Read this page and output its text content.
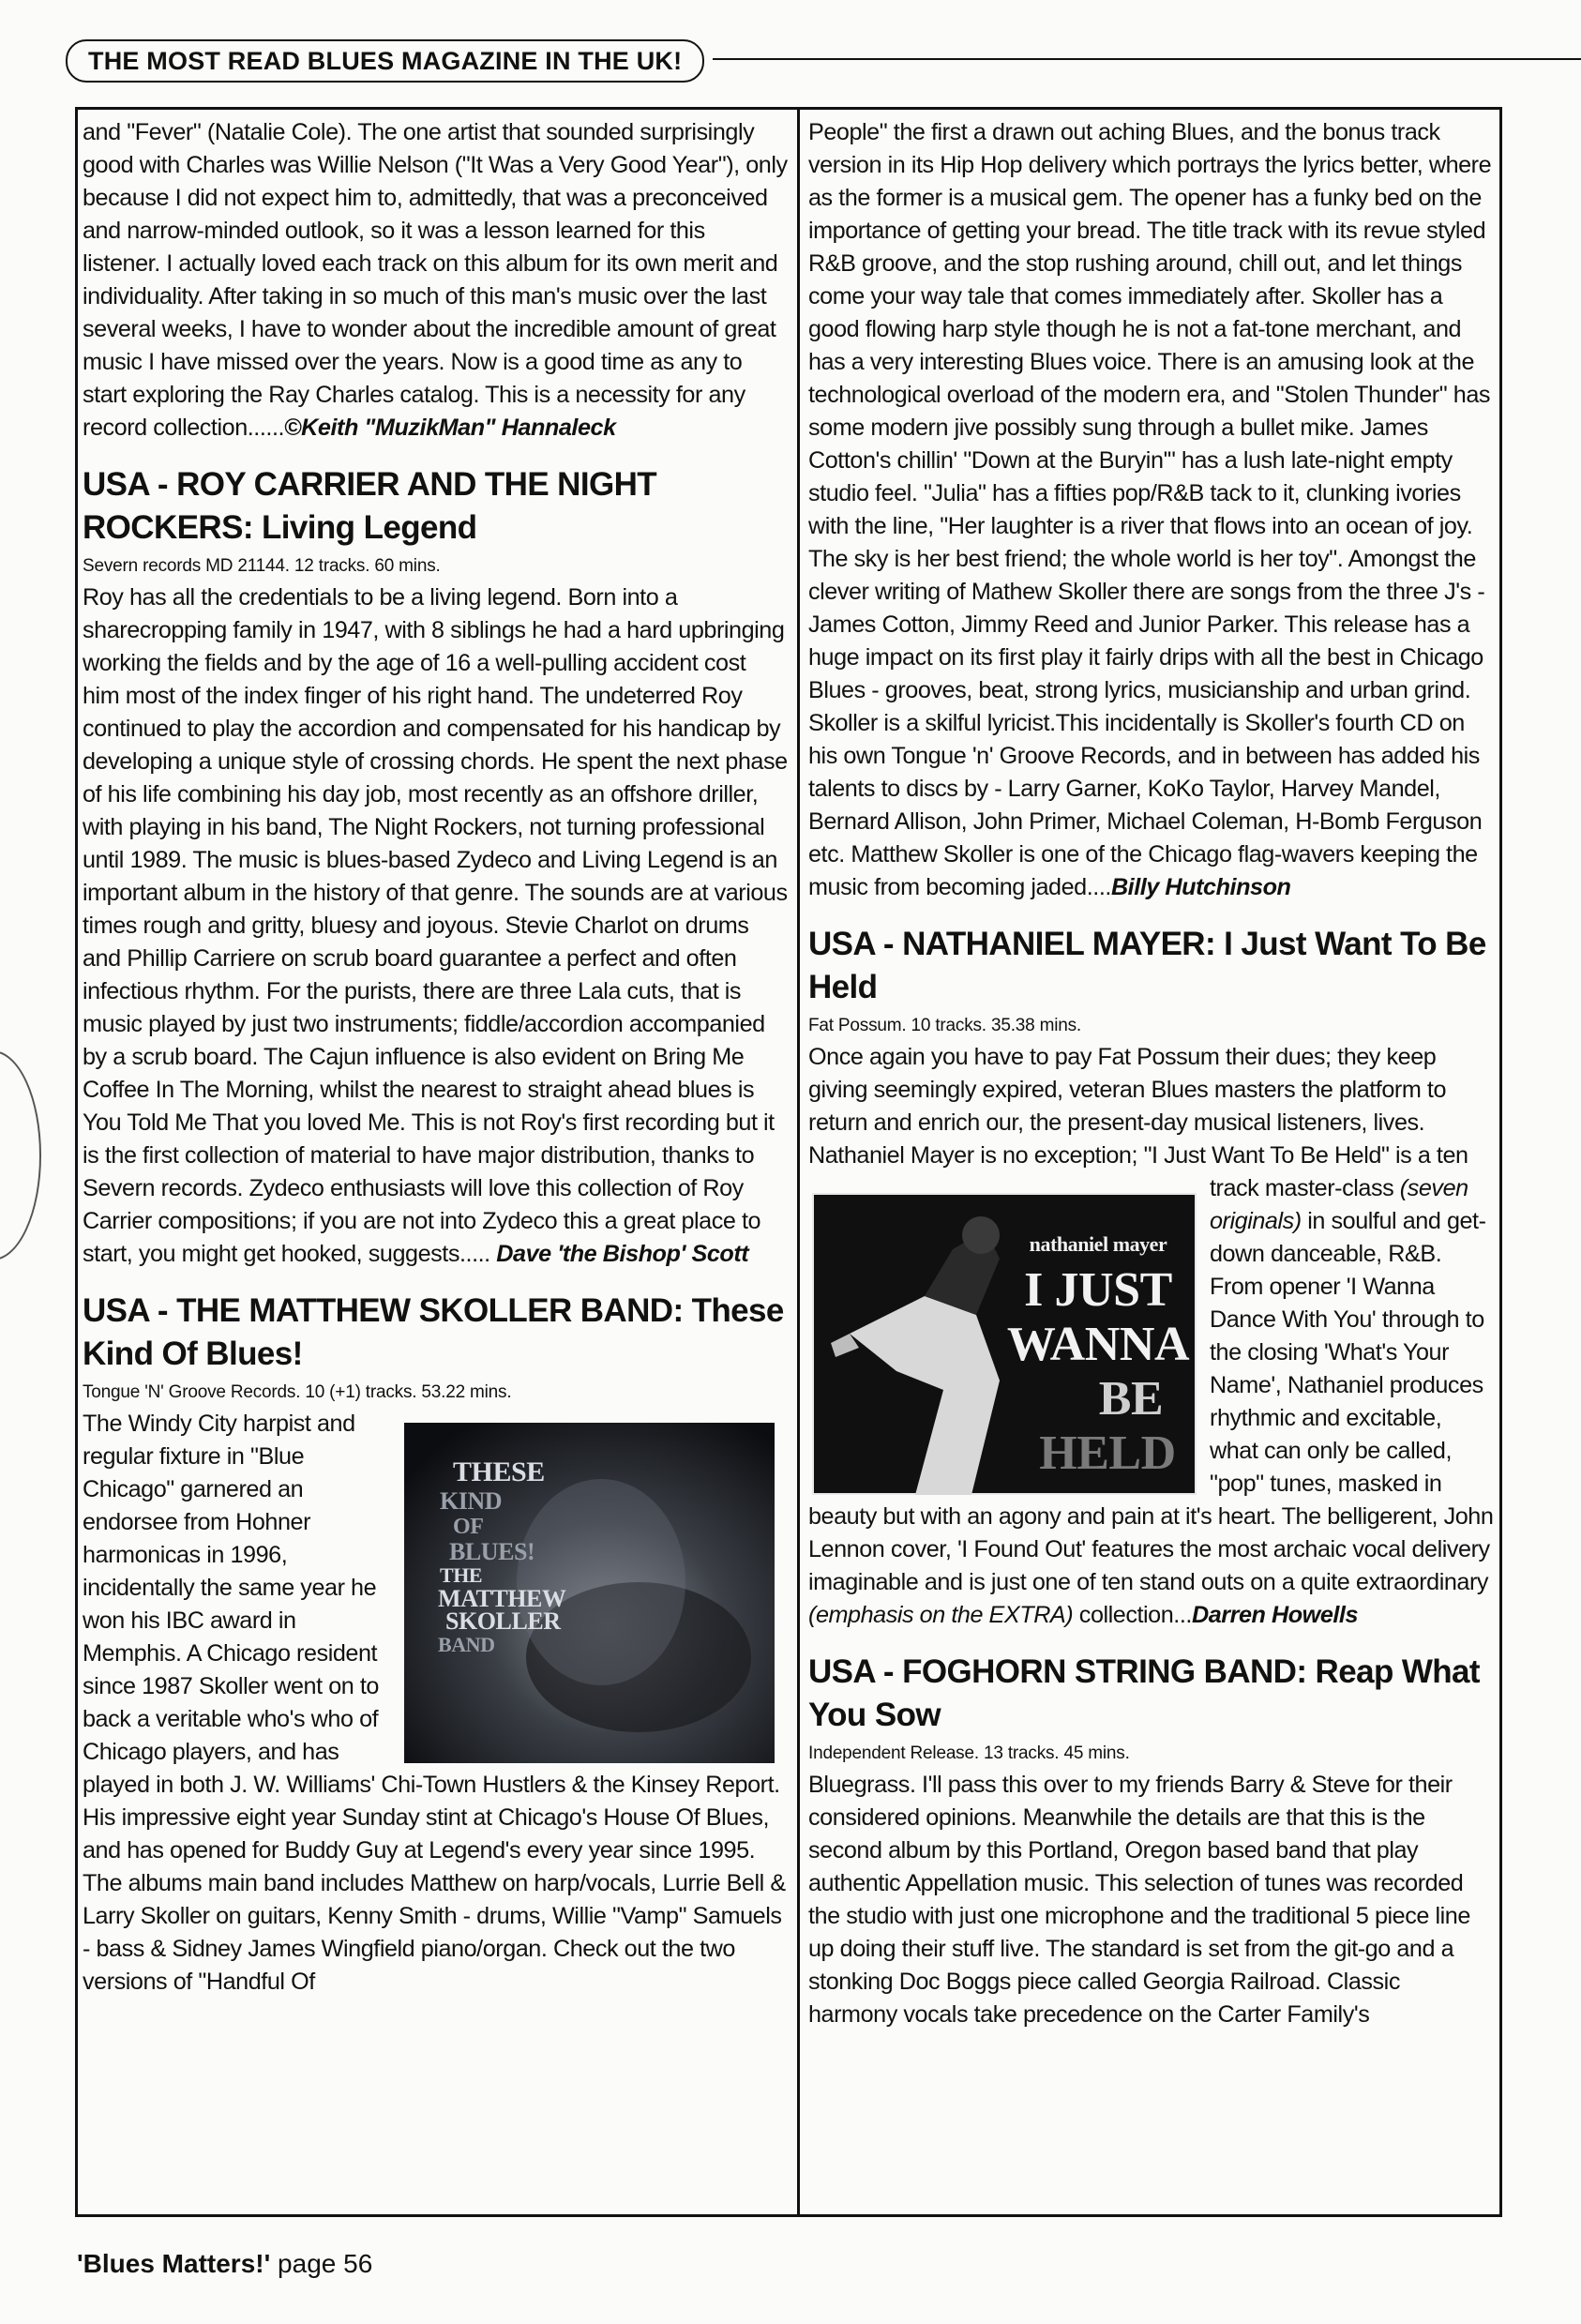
THE MOST READ BLUES MAGAZINE IN THE UK!

and "Fever" (Natalie Cole). The one artist that sounded surprisingly good with Charles was Willie Nelson ("It Was a Very Good Year"), only because I did not expect him to, admittedly, that was a preconceived and narrow-minded outlook, so it was a lesson learned for this listener. I actually loved each track on this album for its own merit and individuality. After taking in so much of this man's music over the last several weeks, I have to wonder about the incredible amount of great music I have missed over the years. Now is a good time as any to start exploring the Ray Charles catalog. This is a necessity for any record collection......©Keith "MuzikMan" Hannaleck

USA - ROY CARRIER AND THE NIGHT ROCKERS: Living Legend

Severn records MD 21144. 12 tracks. 60 mins.

Roy has all the credentials to be a living legend. Born into a sharecropping family in 1947, with 8 siblings he had a hard upbringing working the fields and by the age of 16 a well-pulling accident cost him most of the index finger of his right hand. The undeterred Roy continued to play the accordion and compensated for his handicap by developing a unique style of crossing chords. He spent the next phase of his life combining his day job, most recently as an offshore driller, with playing in his band, The Night Rockers, not turning professional until 1989. The music is blues-based Zydeco and Living Legend is an important album in the history of that genre. The sounds are at various times rough and gritty, bluesy and joyous. Stevie Charlot on drums and Phillip Carriere on scrub board guarantee a perfect and often infectious rhythm. For the purists, there are three Lala cuts, that is music played by just two instruments; fiddle/accordion accompanied by a scrub board. The Cajun influence is also evident on Bring Me Coffee In The Morning, whilst the nearest to straight ahead blues is You Told Me That you loved Me. This is not Roy's first recording but it is the first collection of material to have major distribution, thanks to Severn records. Zydeco enthusiasts will love this collection of Roy Carrier compositions; if you are not into Zydeco this a great place to start, you might get hooked, suggests..... Dave 'the Bishop' Scott

USA - THE MATTHEW SKOLLER BAND: These Kind Of Blues!

Tongue 'N' Groove Records. 10 (+1) tracks. 53.22 mins.

THESE
KIND
OF
BLUES!
THE
MATTHEW
SKOLLER
BAND
The Windy City harpist and regular fixture in "Blue Chicago" garnered an endorsee from Hohner harmonicas in 1996, incidentally the same year he won his IBC award in Memphis. A Chicago resident since 1987 Skoller went on to back a veritable who's who of Chicago players, and has played in both J. W. Williams' Chi-Town Hustlers & the Kinsey Report. His impressive eight year Sunday stint at Chicago's House Of Blues, and has opened for Buddy Guy at Legend's every year since 1995. The albums main band includes Matthew on harp/vocals, Lurrie Bell & Larry Skoller on guitars, Kenny Smith - drums, Willie "Vamp" Samuels - bass & Sidney James Wingfield piano/organ. Check out the two versions of "Handful Of

People" the first a drawn out aching Blues, and the bonus track version in its Hip Hop delivery which portrays the lyrics better, where as the former is a musical gem. The opener has a funky bed on the importance of getting your bread. The title track with its revue styled R&B groove, and the stop rushing around, chill out, and let things come your way tale that comes immediately after. Skoller has a good flowing harp style though he is not a fat-tone merchant, and has a very interesting Blues voice. There is an amusing look at the technological overload of the modern era, and "Stolen Thunder" has some modern jive possibly sung through a bullet mike. James Cotton's chillin' "Down at the Buryin'" has a lush late-night empty studio feel. "Julia" has a fifties pop/R&B tack to it, clunking ivories with the line, "Her laughter is a river that flows into an ocean of joy. The sky is her best friend; the whole world is her toy". Amongst the clever writing of Mathew Skoller there are songs from the three J's - James Cotton, Jimmy Reed and Junior Parker. This release has a huge impact on its first play it fairly drips with all the best in Chicago Blues - grooves, beat, strong lyrics, musicianship and urban grind. Skoller is a skilful lyricist.This incidentally is Skoller's fourth CD on his own Tongue 'n' Groove Records, and in between has added his talents to discs by - Larry Garner, KoKo Taylor, Harvey Mandel, Bernard Allison, John Primer, Michael Coleman, H-Bomb Ferguson etc. Matthew Skoller is one of the Chicago flag-wavers keeping the music from becoming jaded....Billy Hutchinson

USA - NATHANIEL MAYER: I Just Want To Be Held

Fat Possum. 10 tracks. 35.38 mins.

Once again you have to pay Fat Possum their dues; they keep giving seemingly expired, veteran Blues masters the platform to return and enrich our, the present-day musical listeners, lives. Nathaniel Mayer is no exception; "I Just Want To Be Held" is a ten track master-class
nathaniel mayer
I JUST
WANNA
BE
HELD
(seven originals) in soulful and get-down danceable, R&B. From opener 'I Wanna Dance With You' through to the closing 'What's Your Name', Nathaniel produces rhythmic and excitable, what can only be called, "pop" tunes, masked in beauty but with an agony and pain at it's heart. The belligerent, John Lennon cover, 'I Found Out' features the most archaic vocal delivery imaginable and is just one of ten stand outs on a quite extraordinary (emphasis on the EXTRA) collection...Darren Howells

USA - FOGHORN STRING BAND: Reap What You Sow

Independent Release. 13 tracks. 45 mins.

Bluegrass. I'll pass this over to my friends Barry & Steve for their considered opinions. Meanwhile the details are that this is the second album by this Portland, Oregon based band that play authentic Appellation music. This selection of tunes was recorded the studio with just one microphone and the traditional 5 piece line up doing their stuff live. The standard is set from the git-go and a stonking Doc Boggs piece called Georgia Railroad. Classic harmony vocals take precedence on the Carter Family's

'Blues Matters!' page 56
